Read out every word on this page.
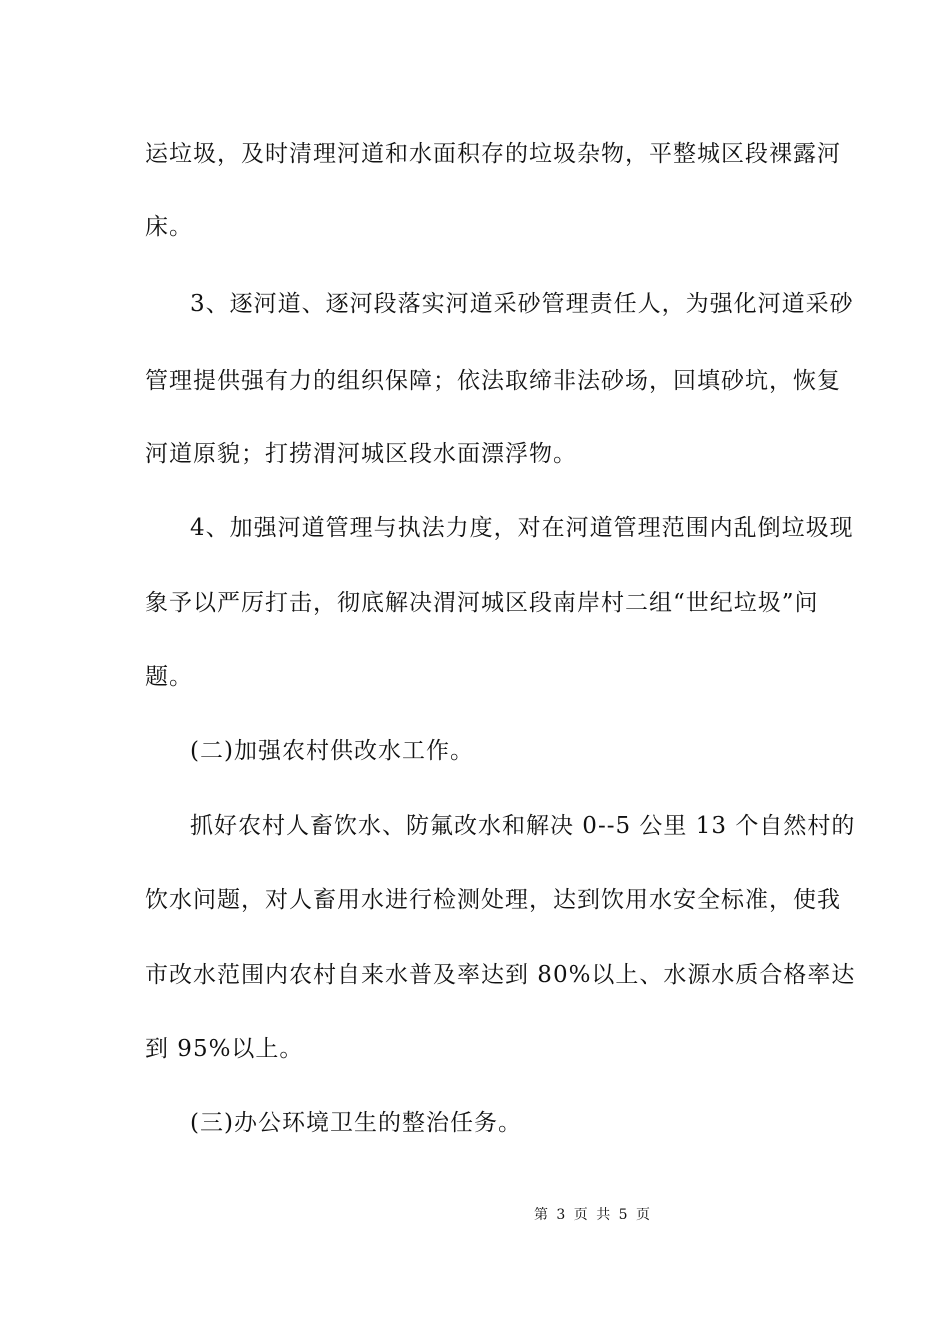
运垃圾，及时清理河道和水面积存的垃圾杂物，平整城区段裸露河
床。
3、逐河道、逐河段落实河道采砂管理责任人，为强化河道采砂
管理提供强有力的组织保障；依法取缔非法砂场，回填砂坑，恢复
河道原貌；打捞渭河城区段水面漂浮物。
4、加强河道管理与执法力度，对在河道管理范围内乱倒垃圾现
象予以严厉打击，彻底解决渭河城区段南岸村二组“世纪垃圾”问
题。
(二)加强农村供改水工作。
抓好农村人畜饮水、防氟改水和解决 0--5 公里 13 个自然村的
饮水问题，对人畜用水进行检测处理，达到饮用水安全标准，使我
市改水范围内农村自来水普及率达到 80%以上、水源水质合格率达
到 95%以上。
(三)办公环境卫生的整治任务。
第 3 页 共 5 页
